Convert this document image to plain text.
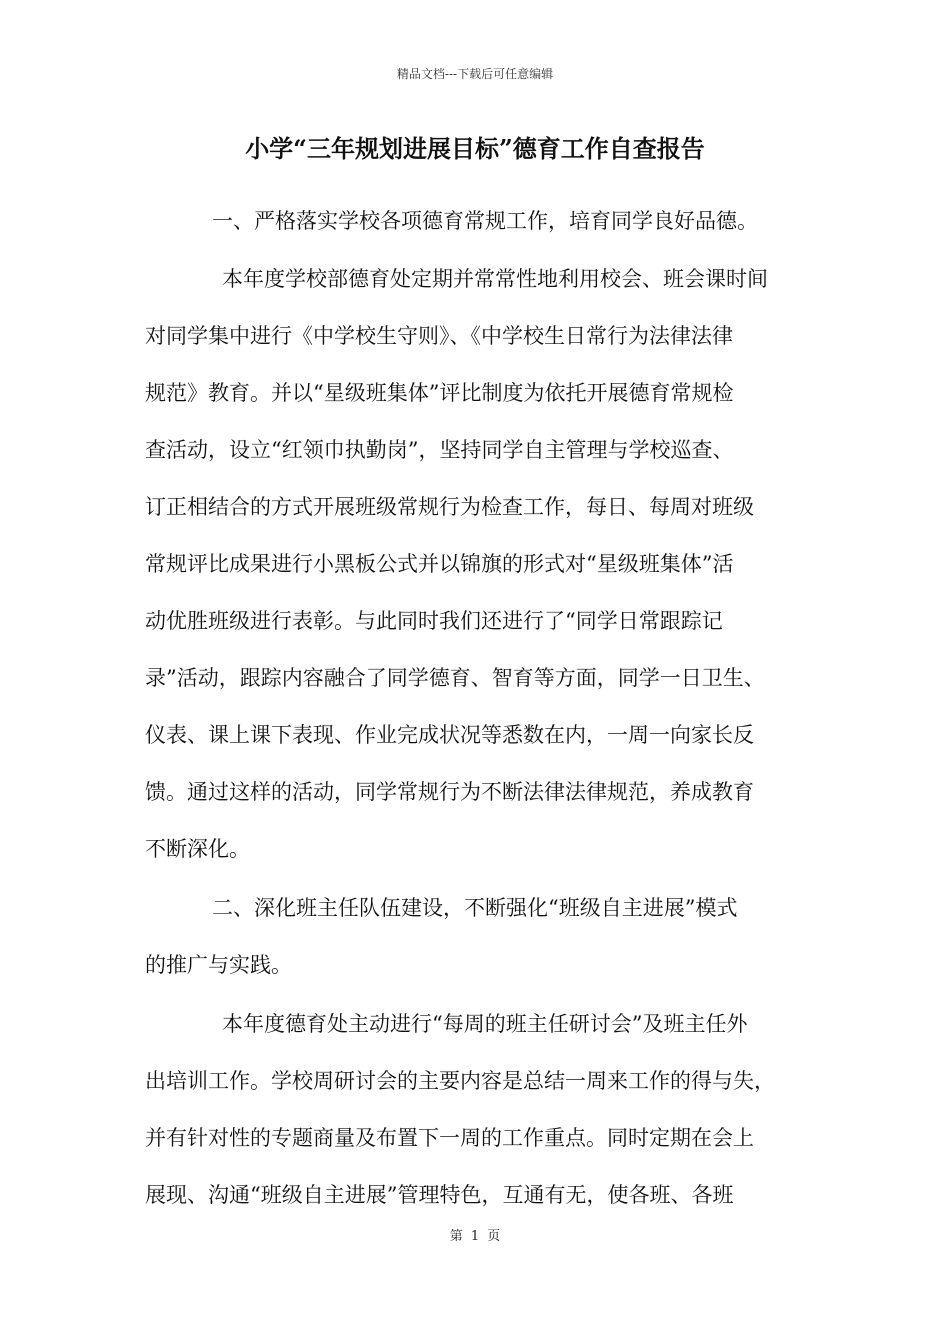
精品文档---下载后可任意编辑
小学“三年规划进展目标”德育工作自查报告
一、严格落实学校各项德育常规工作，培育同学良好品德。
本年度学校部德育处定期并常常性地利用校会、班会课时间
对同学集中进行《中学校生守则》、《中学校生日常行为法律法律
规范》教育。并以“星级班集体”评比制度为依托开展德育常规检
查活动，设立“红领巾执勤岗”，坚持同学自主管理与学校巡查、
订正相结合的方式开展班级常规行为检查工作，每日、每周对班级
常规评比成果进行小黑板公式并以锦旗的形式对“星级班集体”活
动优胜班级进行表彰。与此同时我们还进行了“同学日常跟踪记
录”活动，跟踪内容融合了同学德育、智育等方面，同学一日卫生、
仪表、课上课下表现、作业完成状况等悉数在内，一周一向家长反
馈。通过这样的活动，同学常规行为不断法律法律规范，养成教育
不断深化。
二、深化班主任队伍建设，不断强化“班级自主进展”模式
的推广与实践。
本年度德育处主动进行“每周的班主任研讨会”及班主任外
出培训工作。学校周研讨会的主要内容是总结一周来工作的得与失，
并有针对性的专题商量及布置下一周的工作重点。同时定期在会上
展现、沟通“班级自主进展”管理特色，互通有无，使各班、各班
第 1 页
